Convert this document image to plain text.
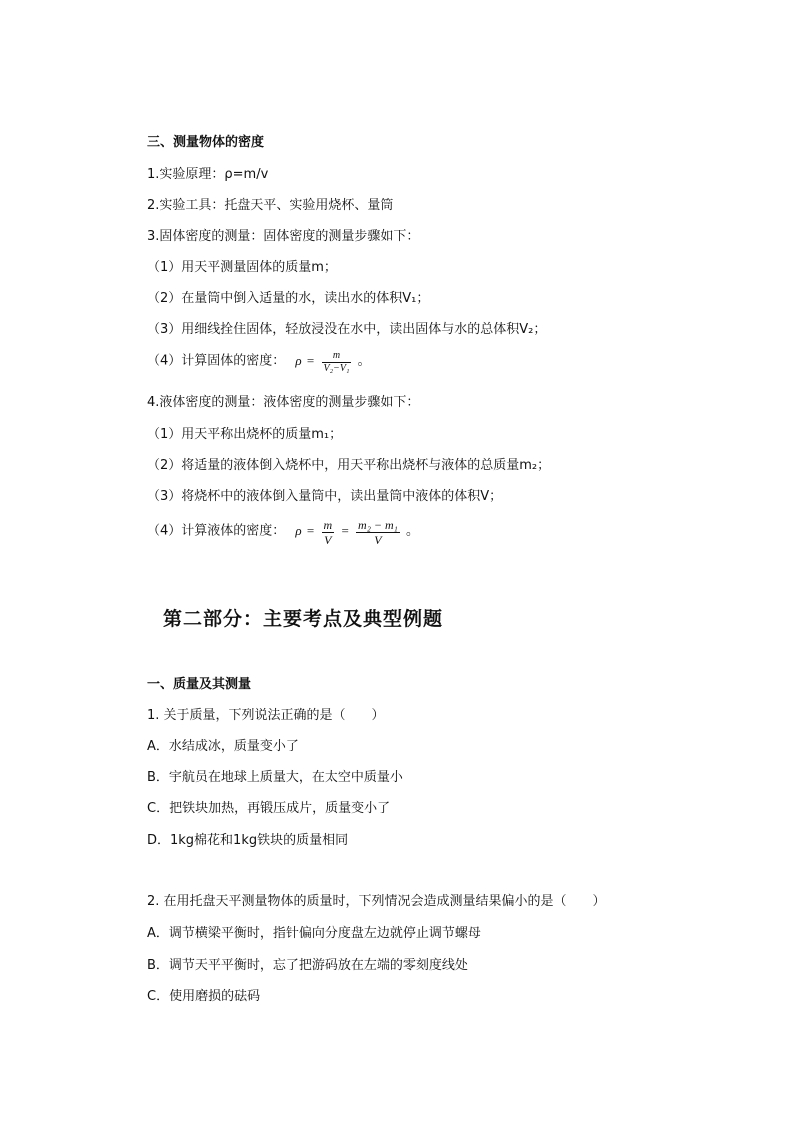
三、测量物体的密度
1.实验原理：ρ=m/v
2.实验工具：托盘天平、实验用烧杯、量筒
3.固体密度的测量：固体密度的测量步骤如下：
（1）用天平测量固体的质量m；
（2）在量筒中倒入适量的水，读出水的体积V₁；
（3）用细线拴住固体，轻放浸没在水中，读出固体与水的总体积V₂；
（4）计算固体的密度： $\rho = \frac{m}{\text{V₂−V₁}}$ 。
4.液体密度的测量：液体密度的测量步骤如下：
（1）用天平称出烧杯的质量m₁；
（2）将适量的液体倒入烧杯中，用天平称出烧杯与液体的总质量m₂；
（3）将烧杯中的液体倒入量筒中，读出量筒中液体的体积V；
（4）计算液体的密度： $\rho = \frac{m}{V} = \frac{\text{m₂ − m₁}}{V}$ 。
第二部分：主要考点及典型例题
一、质量及其测量
1. 关于质量，下列说法正确的是（　　）
A．水结成冰，质量变小了
B．宇航员在地球上质量大，在太空中质量小
C．把铁块加热，再锻压成片，质量变小了
D．1kg棉花和1kg铁块的质量相同
2. 在用托盘天平测量物体的质量时，下列情况会造成测量结果偏小的是（　　）
A．调节横梁平衡时，指针偏向分度盘左边就停止调节螺母
B．调节天平平衡时，忘了把游码放在左端的零刻度线处
C．使用磨损的砝码
